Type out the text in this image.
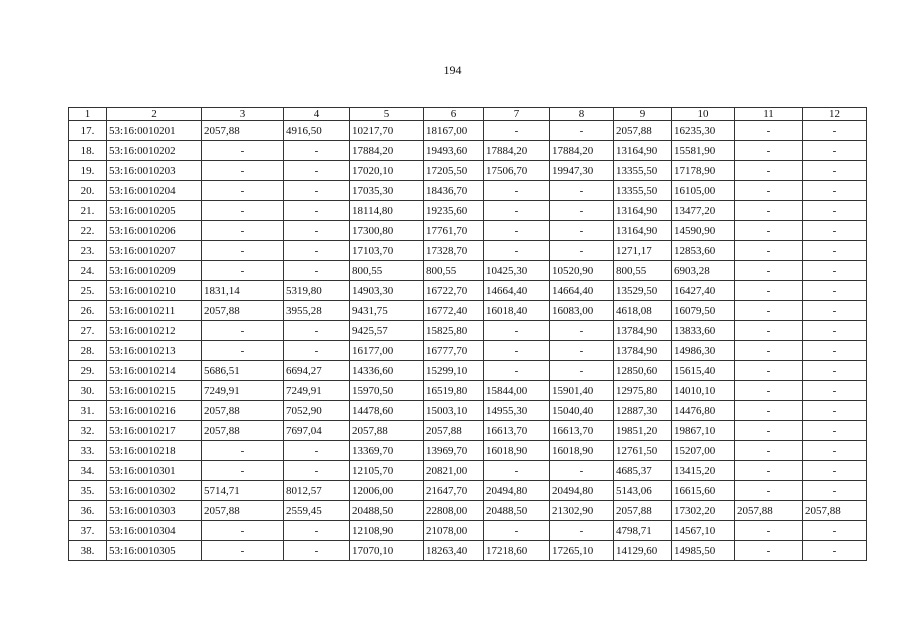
194
1	2	3	4	5	6	7	8	9	10	11	12
17.	53:16:0010201	2057,88	4916,50	10217,70	18167,00	-	-	2057,88	16235,30	-	-
18.	53:16:0010202	-	-	17884,20	19493,60	17884,20	17884,20	13164,90	15581,90	-	-
19.	53:16:0010203	-	-	17020,10	17205,50	17506,70	19947,30	13355,50	17178,90	-	-
20.	53:16:0010204	-	-	17035,30	18436,70	-	-	13355,50	16105,00	-	-
21.	53:16:0010205	-	-	18114,80	19235,60	-	-	13164,90	13477,20	-	-
22.	53:16:0010206	-	-	17300,80	17761,70	-	-	13164,90	14590,90	-	-
23.	53:16:0010207	-	-	17103,70	17328,70	-	-	1271,17	12853,60	-	-
24.	53:16:0010209	-	-	800,55	800,55	10425,30	10520,90	800,55	6903,28	-	-
25.	53:16:0010210	1831,14	5319,80	14903,30	16722,70	14664,40	14664,40	13529,50	16427,40	-	-
26.	53:16:0010211	2057,88	3955,28	9431,75	16772,40	16018,40	16083,00	4618,08	16079,50	-	-
27.	53:16:0010212	-	-	9425,57	15825,80	-	-	13784,90	13833,60	-	-
28.	53:16:0010213	-	-	16177,00	16777,70	-	-	13784,90	14986,30	-	-
29.	53:16:0010214	5686,51	6694,27	14336,60	15299,10	-	-	12850,60	15615,40	-	-
30.	53:16:0010215	7249,91	7249,91	15970,50	16519,80	15844,00	15901,40	12975,80	14010,10	-	-
31.	53:16:0010216	2057,88	7052,90	14478,60	15003,10	14955,30	15040,40	12887,30	14476,80	-	-
32.	53:16:0010217	2057,88	7697,04	2057,88	2057,88	16613,70	16613,70	19851,20	19867,10	-	-
33.	53:16:0010218	-	-	13369,70	13969,70	16018,90	16018,90	12761,50	15207,00	-	-
34.	53:16:0010301	-	-	12105,70	20821,00	-	-	4685,37	13415,20	-	-
35.	53:16:0010302	5714,71	8012,57	12006,00	21647,70	20494,80	20494,80	5143,06	16615,60	-	-
36.	53:16:0010303	2057,88	2559,45	20488,50	22808,00	20488,50	21302,90	2057,88	17302,20	2057,88	2057,88
37.	53:16:0010304	-	-	12108,90	21078,00	-	-	4798,71	14567,10	-	-
38.	53:16:0010305	-	-	17070,10	18263,40	17218,60	17265,10	14129,60	14985,50	-	-
